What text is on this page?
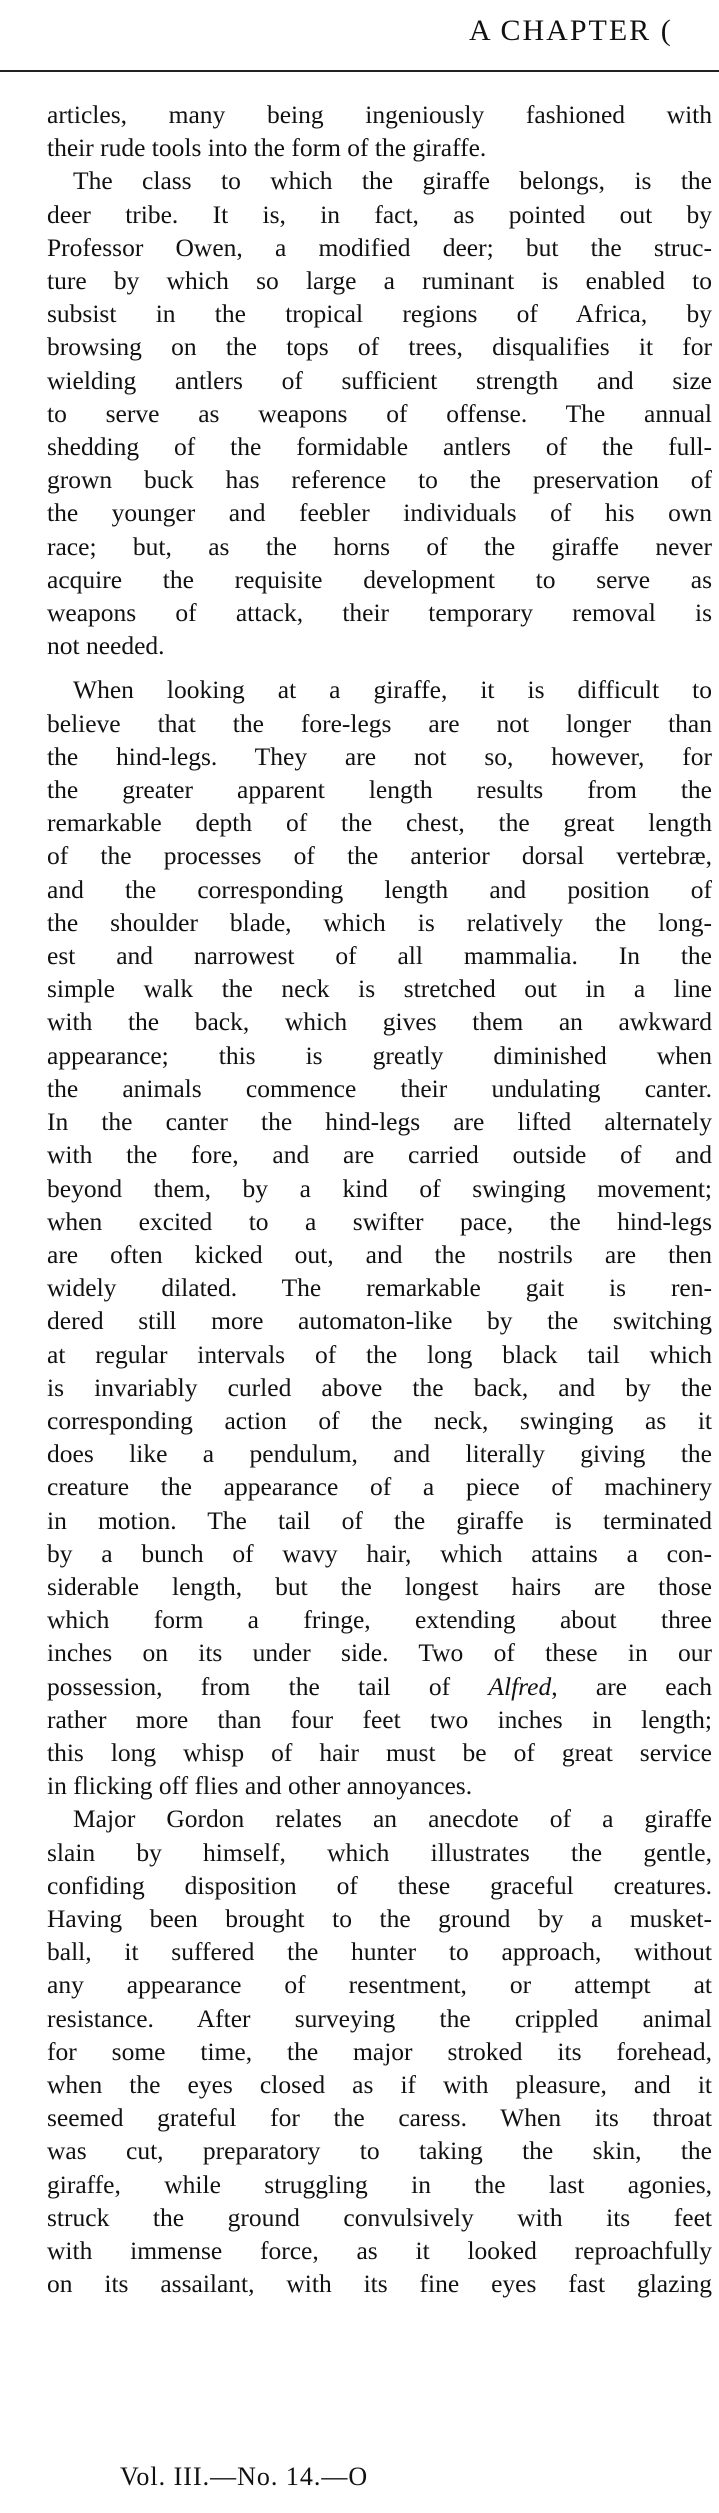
A CHAPTER (
articles, many being ingeniously fashioned with
their rude tools into the form of the giraffe.
The class to which the giraffe belongs, is the
deer tribe. It is, in fact, as pointed out by
Professor Owen, a modified deer; but the struc-
ture by which so large a ruminant is enabled to
subsist in the tropical regions of Africa, by
browsing on the tops of trees, disqualifies it for
wielding antlers of sufficient strength and size
to serve as weapons of offense. The annual
shedding of the formidable antlers of the full-
grown buck has reference to the preservation of
the younger and feebler individuals of his own
race; but, as the horns of the giraffe never
acquire the requisite development to serve as
weapons of attack, their temporary removal is
not needed.
When looking at a giraffe, it is difficult to
believe that the fore-legs are not longer than
the hind-legs. They are not so, however, for
the greater apparent length results from the
remarkable depth of the chest, the great length
of the processes of the anterior dorsal vertebræ,
and the corresponding length and position of
the shoulder blade, which is relatively the long-
est and narrowest of all mammalia. In the
simple walk the neck is stretched out in a line
with the back, which gives them an awkward
appearance; this is greatly diminished when
the animals commence their undulating canter.
In the canter the hind-legs are lifted alternately
with the fore, and are carried outside of and
beyond them, by a kind of swinging movement;
when excited to a swifter pace, the hind-legs
are often kicked out, and the nostrils are then
widely dilated. The remarkable gait is ren-
dered still more automaton-like by the switching
at regular intervals of the long black tail which
is invariably curled above the back, and by the
corresponding action of the neck, swinging as it
does like a pendulum, and literally giving the
creature the appearance of a piece of machinery
in motion. The tail of the giraffe is terminated
by a bunch of wavy hair, which attains a con-
siderable length, but the longest hairs are those
which form a fringe, extending about three
inches on its under side. Two of these in our
possession, from the tail of Alfred, are each
rather more than four feet two inches in length;
this long whisp of hair must be of great service
in flicking off flies and other annoyances.
Major Gordon relates an anecdote of a giraffe
slain by himself, which illustrates the gentle,
confiding disposition of these graceful creatures.
Having been brought to the ground by a musket-
ball, it suffered the hunter to approach, without
any appearance of resentment, or attempt at
resistance. After surveying the crippled animal
for some time, the major stroked its forehead,
when the eyes closed as if with pleasure, and it
seemed grateful for the caress. When its throat
was cut, preparatory to taking the skin, the
giraffe, while struggling in the last agonies,
struck the ground convulsively with its feet
with immense force, as it looked reproachfully
on its assailant, with its fine eyes fast glazing
Vol. III.—No. 14.—O
